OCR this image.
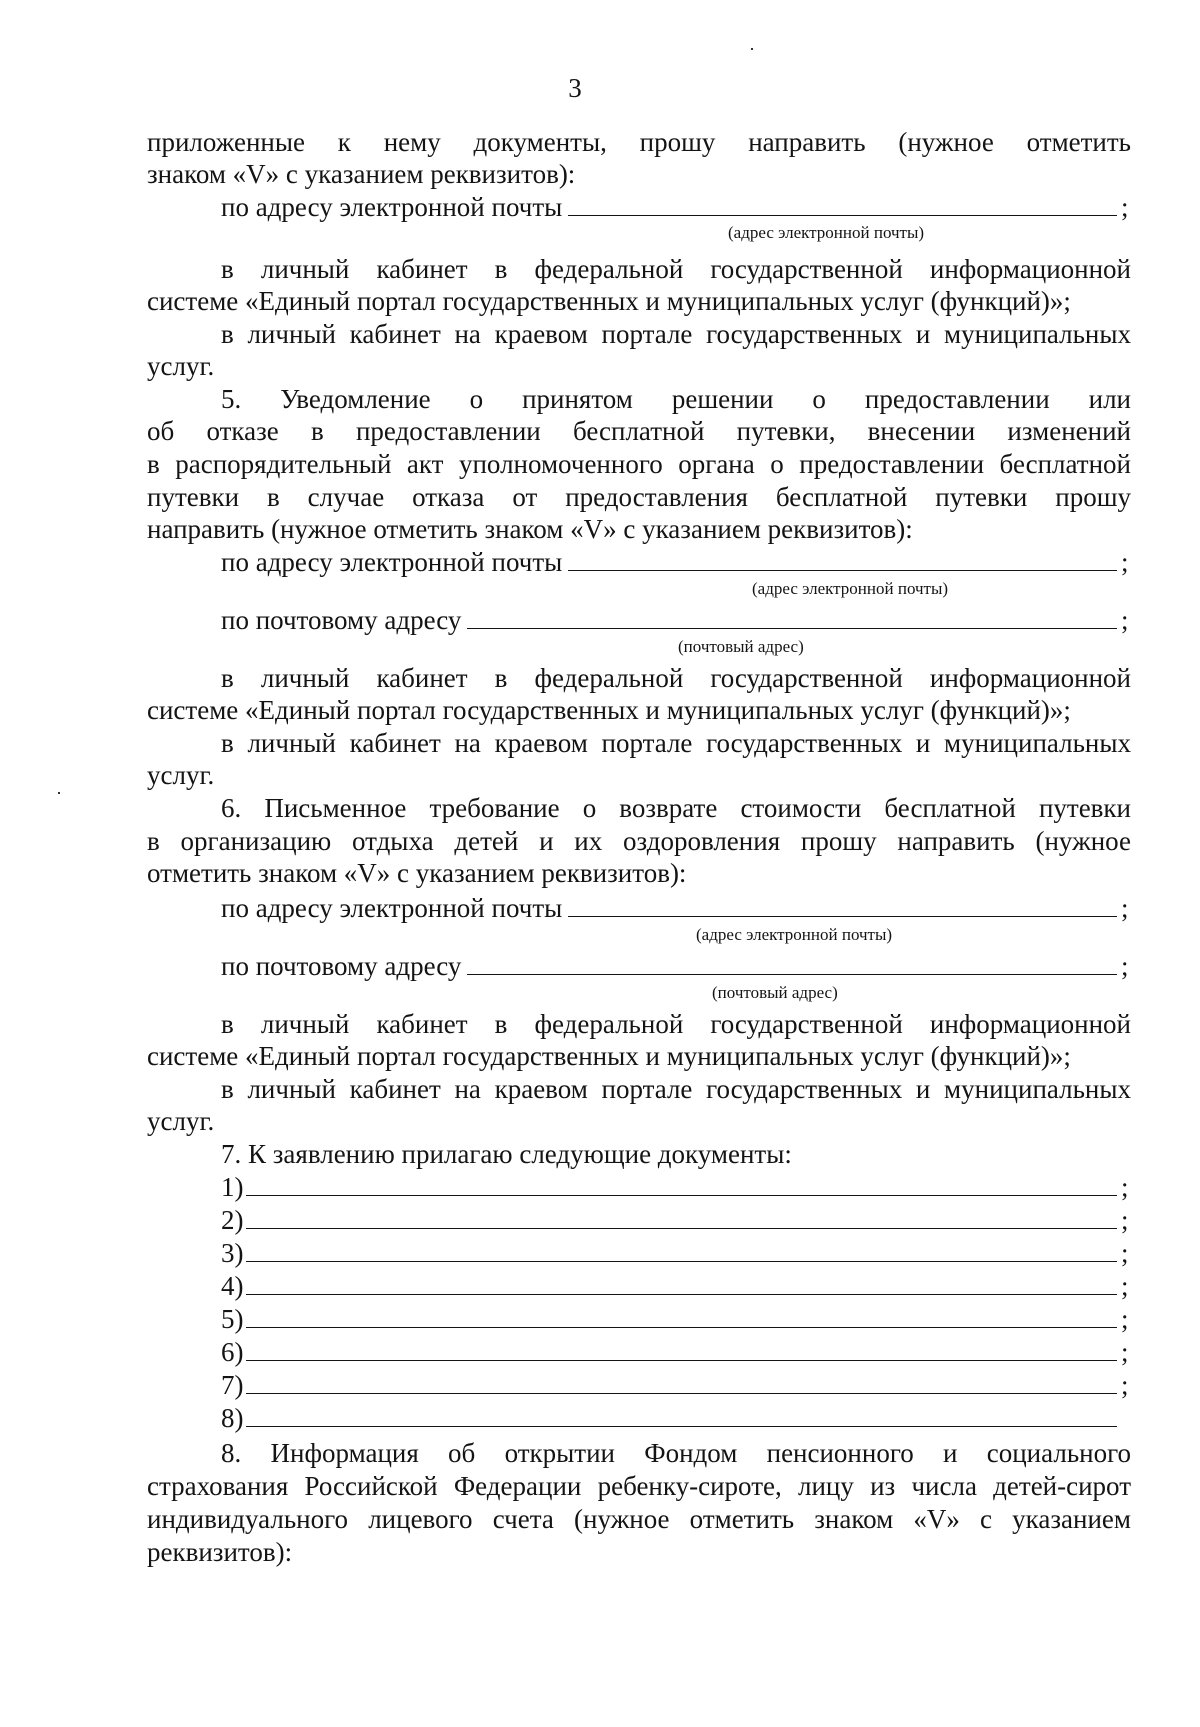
3
приложенные к нему документы, прошу направить (нужное отметить
знаком «V» с указанием реквизитов):
по адресу электронной почты	;
(адрес электронной почты)
в личный кабинет в федеральной государственной информационной
системе «Единый портал государственных и муниципальных услуг (функций)»;
в личный кабинет на краевом портале государственных и муниципальных
услуг.
5. Уведомление о принятом решении о предоставлении или
об отказе в предоставлении бесплатной путевки, внесении изменений
в распорядительный акт уполномоченного органа о предоставлении бесплатной
путевки в случае отказа от предоставления бесплатной путевки прошу
направить (нужное отметить знаком «V» с указанием реквизитов):
по адресу электронной почты	;
(адрес электронной почты)
по почтовому адресу	;
(почтовый адрес)
в личный кабинет в федеральной государственной информационной
системе «Единый портал государственных и муниципальных услуг (функций)»;
в личный кабинет на краевом портале государственных и муниципальных
услуг.
6. Письменное требование о возврате стоимости бесплатной путевки
в организацию отдыха детей и их оздоровления прошу направить (нужное
отметить знаком «V» с указанием реквизитов):
по адресу электронной почты	;
(адрес электронной почты)
по почтовому адресу	;
(почтовый адрес)
в личный кабинет в федеральной государственной информационной
системе «Единый портал государственных и муниципальных услуг (функций)»;
в личный кабинет на краевом портале государственных и муниципальных
услуг.
7. К заявлению прилагаю следующие документы:
1)	;
2)	;
3)	;
4)	;
5)	;
6)	;
7)	;
8)
8. Информация об открытии Фондом пенсионного и социального
страхования Российской Федерации ребенку-сироте, лицу из числа детей-сирот
индивидуального лицевого счета (нужное отметить знаком «V» с указанием
реквизитов):
